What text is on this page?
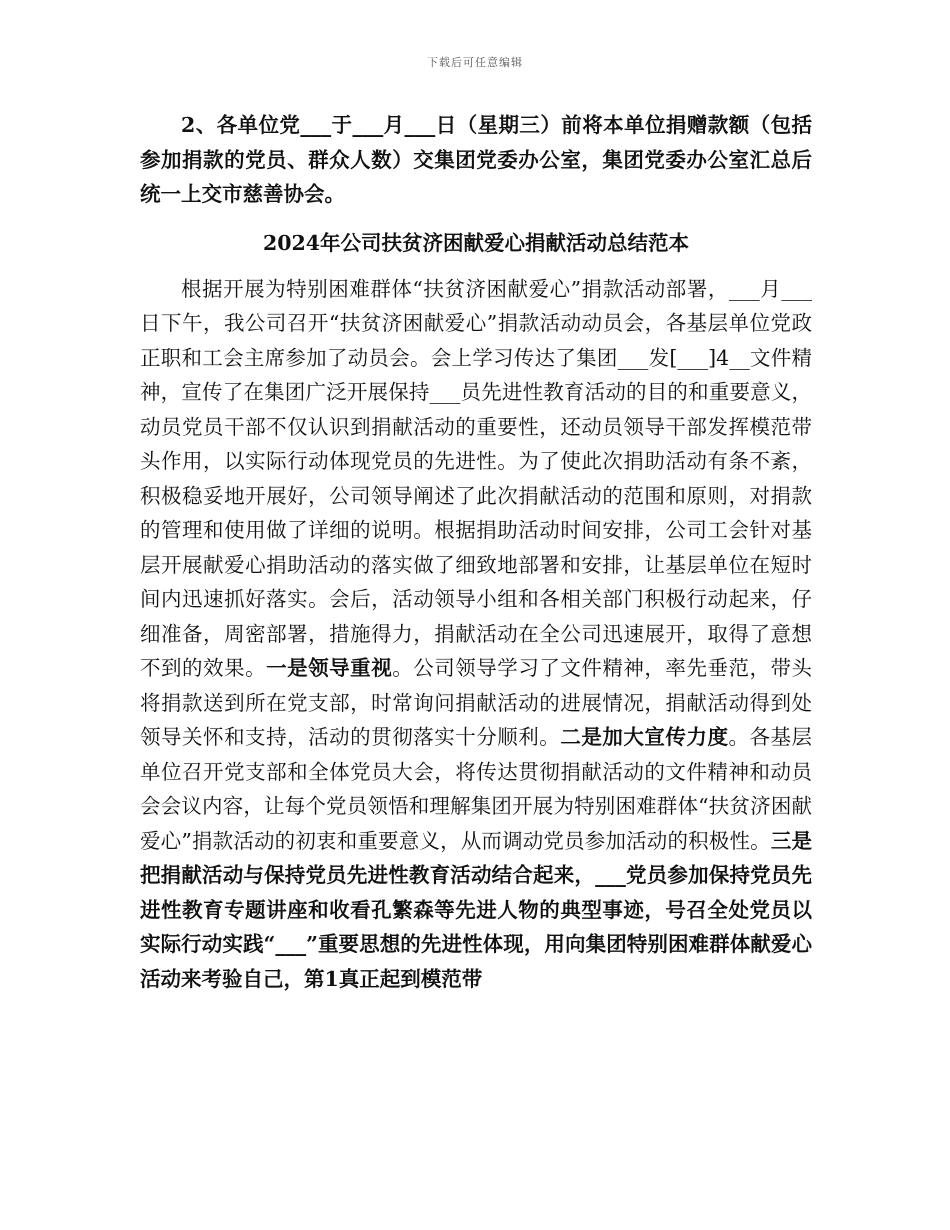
下载后可任意编辑

2、各单位党___于___月___日（星期三）前将本单位捐赠款额（包括参加捐款的党员、群众人数）交集团党委办公室，集团党委办公室汇总后统一上交市慈善协会。

2024年公司扶贫济困献爱心捐献活动总结范本

根据开展为特别困难群体“扶贫济困献爱心”捐款活动部署，___月___日下午，我公司召开“扶贫济困献爱心”捐款活动动员会，各基层单位党政正职和工会主席参加了动员会。会上学习传达了集团___发[___]4__文件精神，宣传了在集团广泛开展保持___员先进性教育活动的目的和重要意义，动员党员干部不仅认识到捐献活动的重要性，还动员领导干部发挥模范带头作用，以实际行动体现党员的先进性。为了使此次捐助活动有条不紊，积极稳妥地开展好，公司领导阐述了此次捐献活动的范围和原则，对捐款的管理和使用做了详细的说明。根据捐助活动时间安排，公司工会针对基层开展献爱心捐助活动的落实做了细致地部署和安排，让基层单位在短时间内迅速抓好落实。会后，活动领导小组和各相关部门积极行动起来，仔细准备，周密部署，措施得力，捐献活动在全公司迅速展开，取得了意想不到的效果。一是领导重视。公司领导学习了文件精神，率先垂范，带头将捐款送到所在党支部，时常询问捐献活动的进展情况，捐献活动得到处领导关怀和支持，活动的贯彻落实十分顺利。二是加大宣传力度。各基层单位召开党支部和全体党员大会，将传达贯彻捐献活动的文件精神和动员会会议内容，让每个党员领悟和理解集团开展为特别困难群体“扶贫济困献爱心”捐款活动的初衷和重要意义，从而调动党员参加活动的积极性。三是把捐献活动与保持党员先进性教育活动结合起来，___党员参加保持党员先进性教育专题讲座和收看孔繁森等先进人物的典型事迹，号召全处党员以实际行动实践“___”重要思想的先进性体现，用向集团特别困难群体献爱心活动来考验自己，第1真正起到模范带
